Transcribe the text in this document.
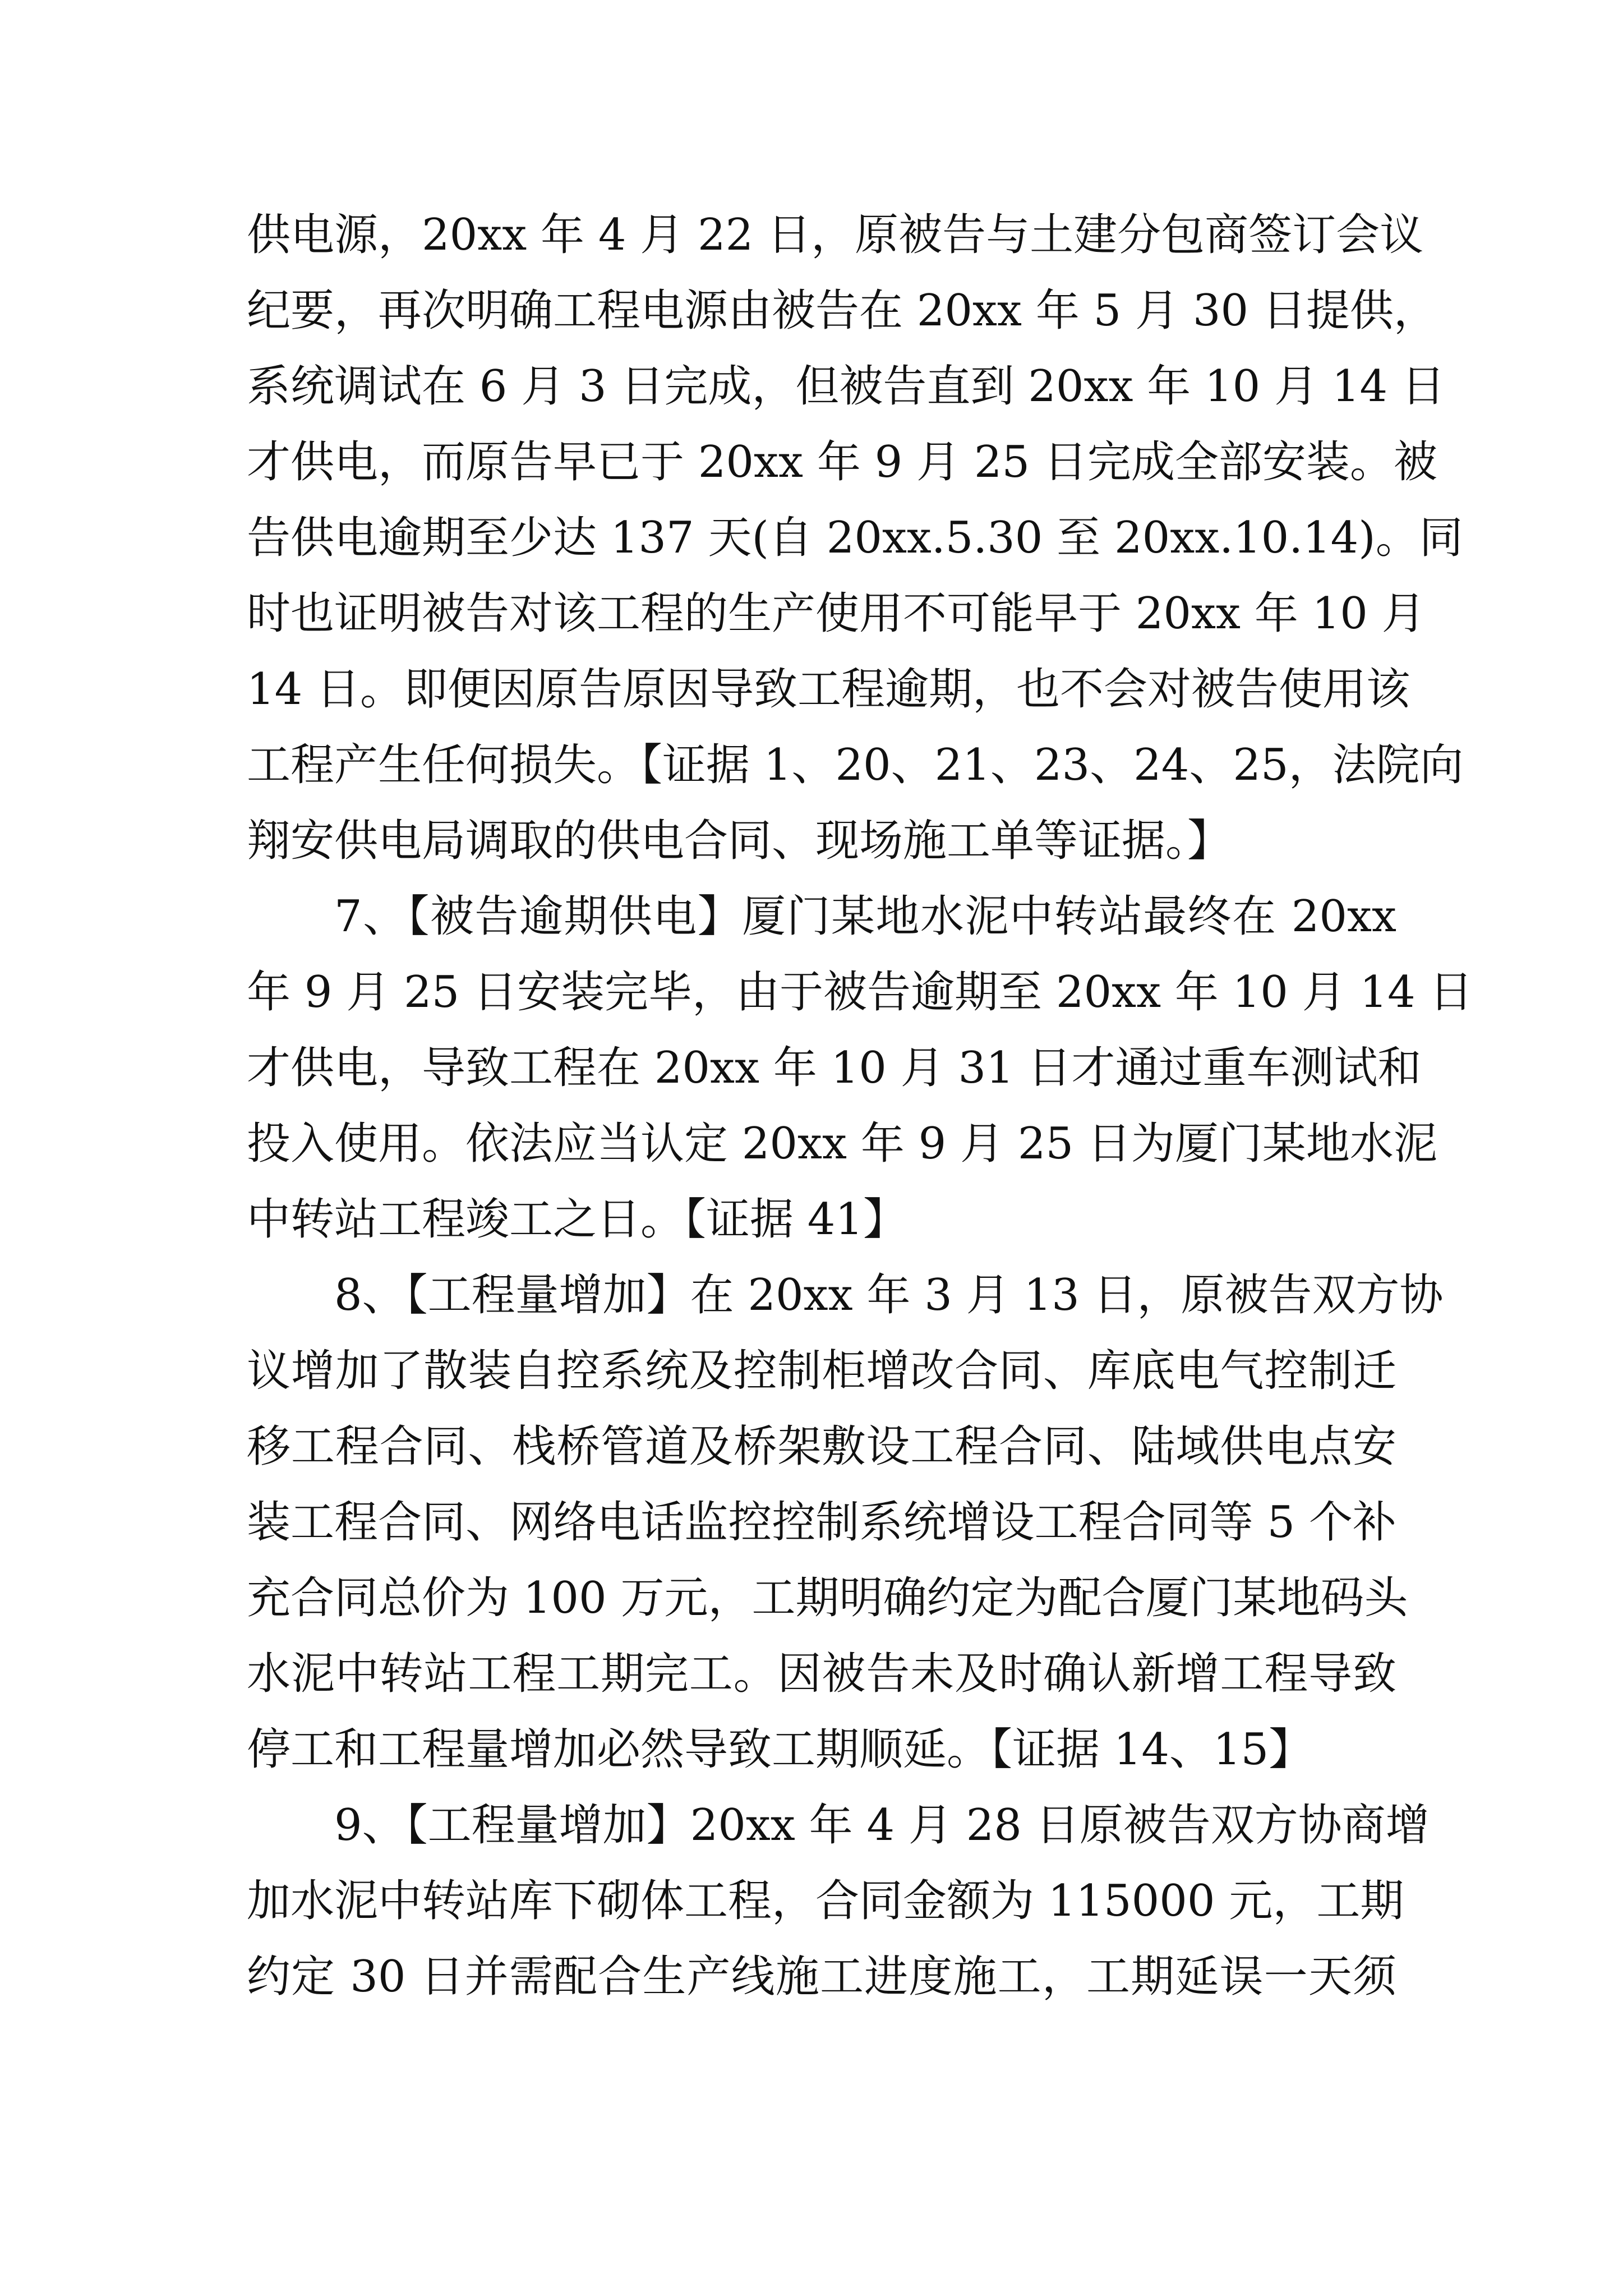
供电源，20xx 年 4 月 22 日，原被告与土建分包商签订会议
纪要，再次明确工程电源由被告在 20xx 年 5 月 30 日提供，
系统调试在 6 月 3 日完成，但被告直到 20xx 年 10 月 14 日
才供电，而原告早已于 20xx 年 9 月 25 日完成全部安装。被
告供电逾期至少达 137 天(自 20xx.5.30 至 20xx.10.14)。同
时也证明被告对该工程的生产使用不可能早于 20xx 年 10 月
14 日。即便因原告原因导致工程逾期，也不会对被告使用该
工程产生任何损失。【证据 1、20、21、23、24、25，法院向
翔安供电局调取的供电合同、现场施工单等证据。】
7、【被告逾期供电】厦门某地水泥中转站最终在 20xx
年 9 月 25 日安装完毕，由于被告逾期至 20xx 年 10 月 14 日
才供电，导致工程在 20xx 年 10 月 31 日才通过重车测试和
投入使用。依法应当认定 20xx 年 9 月 25 日为厦门某地水泥
中转站工程竣工之日。【证据 41】
8、【工程量增加】在 20xx 年 3 月 13 日，原被告双方协
议增加了散装自控系统及控制柜增改合同、库底电气控制迁
移工程合同、栈桥管道及桥架敷设工程合同、陆域供电点安
装工程合同、网络电话监控控制系统增设工程合同等 5 个补
充合同总价为 100 万元，工期明确约定为配合厦门某地码头
水泥中转站工程工期完工。因被告未及时确认新增工程导致
停工和工程量增加必然导致工期顺延。【证据 14、15】
9、【工程量增加】20xx 年 4 月 28 日原被告双方协商增
加水泥中转站库下砌体工程，合同金额为 115000 元，工期
约定 30 日并需配合生产线施工进度施工，工期延误一天须
